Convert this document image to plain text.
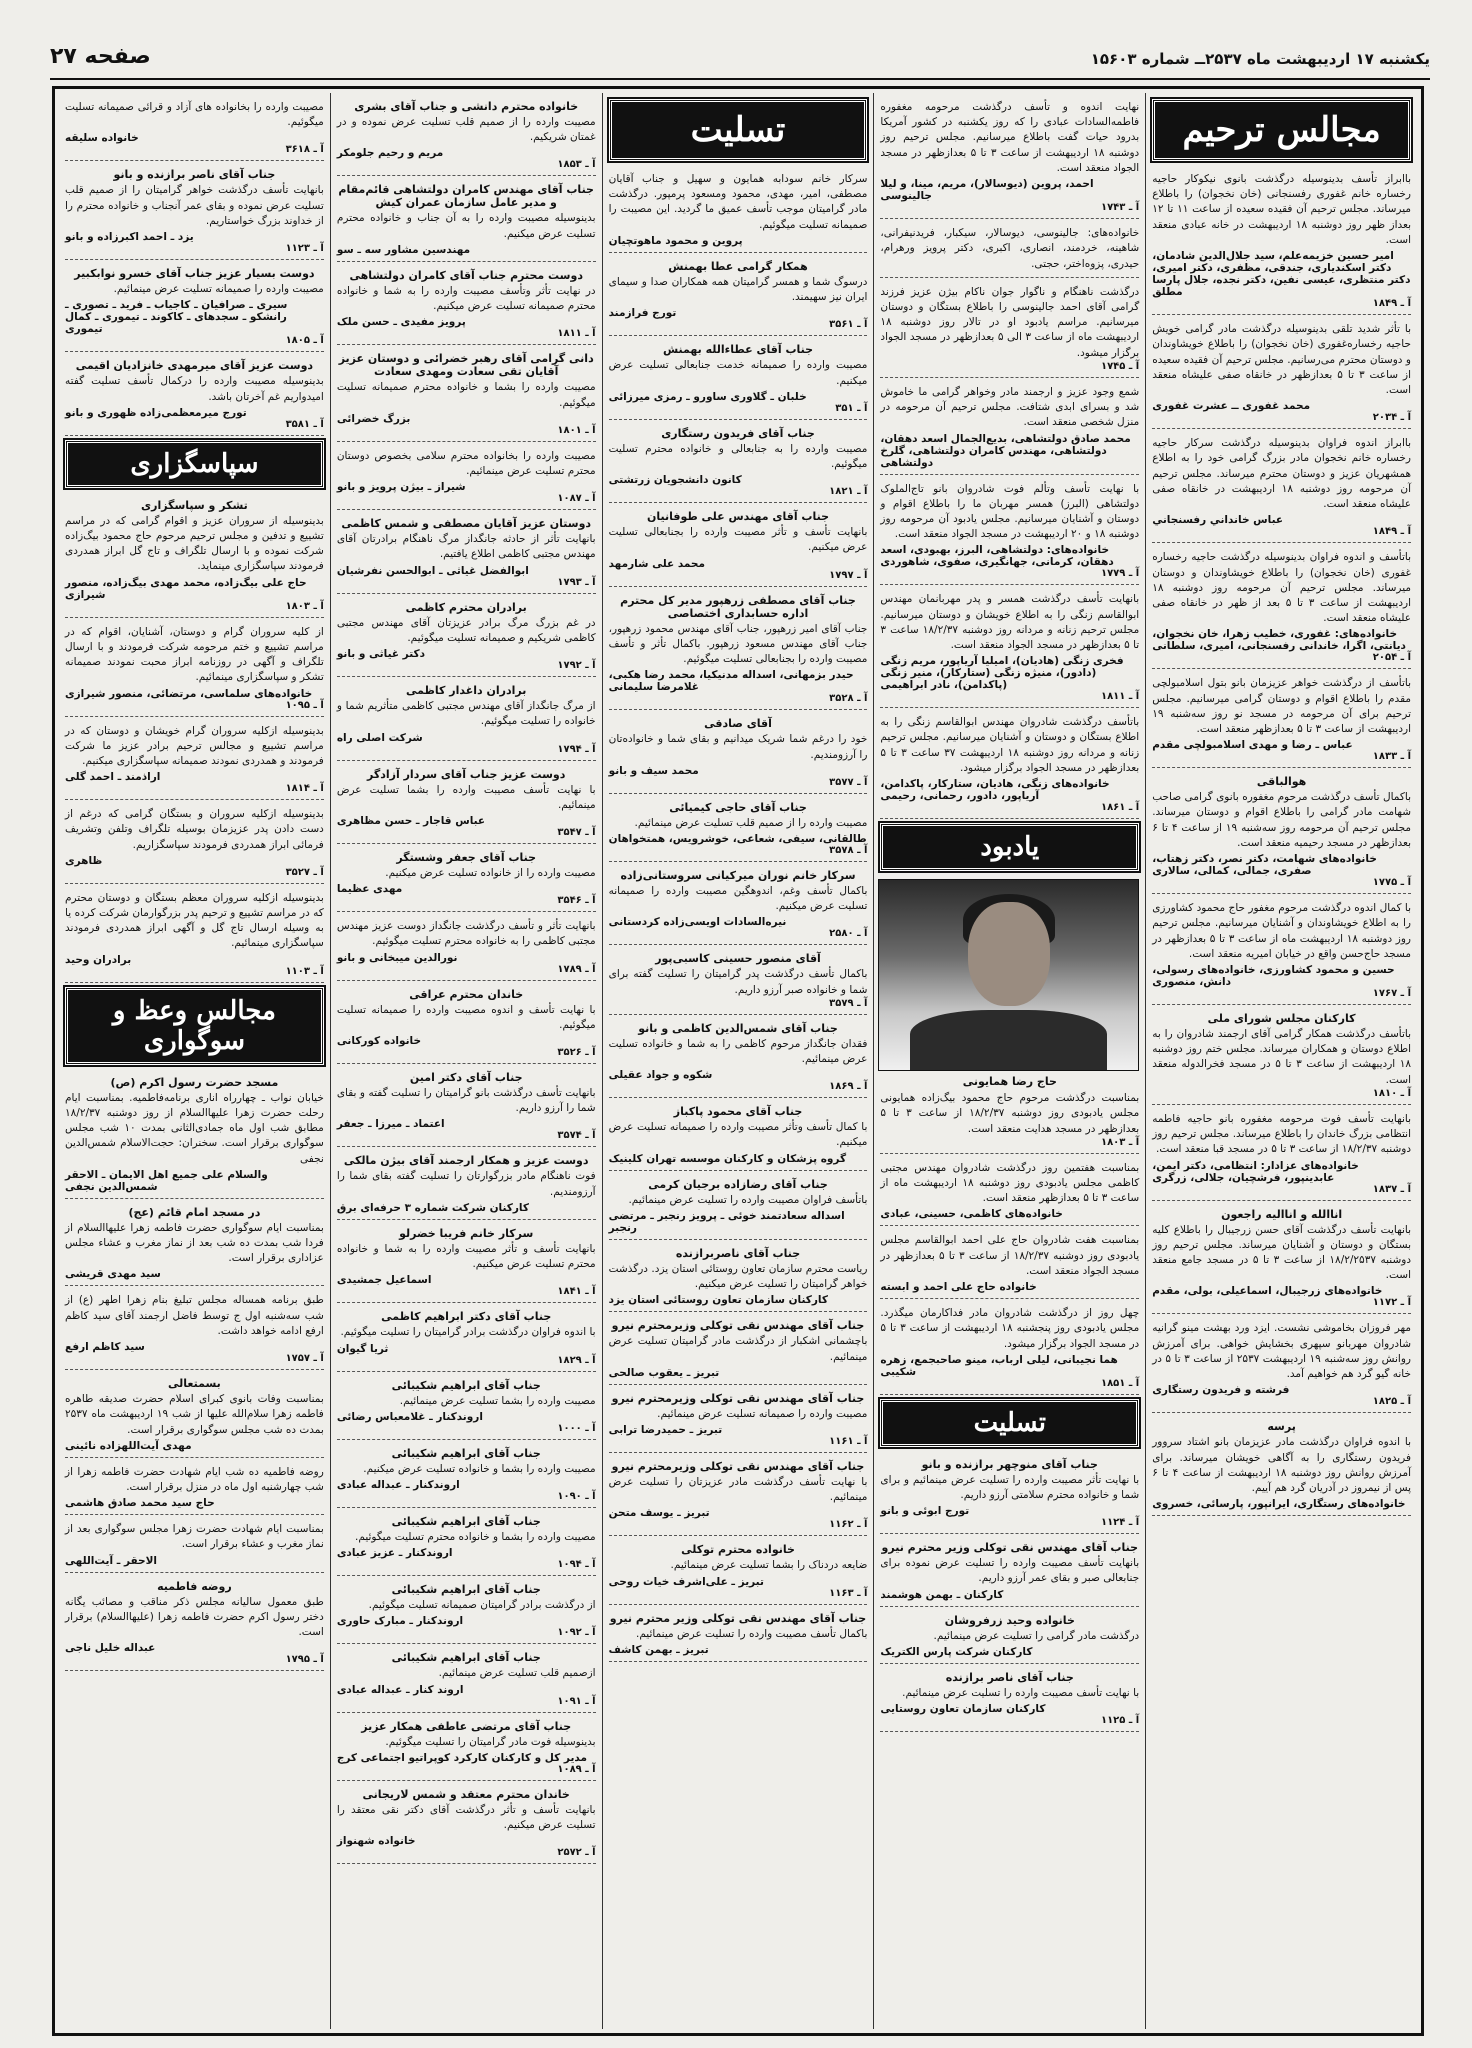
یکشنبه ۱۷ اردیبهشت ماه ۲۵۳۷ــ شماره ۱۵۶۰۳
صفحه ۲۷
مجالس ترحیم
باابراز تأسف بدینوسیله درگذشت بانوی نیکوکار حاجیه رخساره خانم غفوری رفسنجانی (خان نخجوان) را باطلاع میرساند. مجلس ترحیم آن فقیده سعیده از ساعت ۱۱ تا ۱۲ بعداز ظهر روز دوشنبه ۱۸ اردیبهشت در خانه عبادی منعقد است.
امیر حسین خزیمه‌علم، سید جلال‌الدین شادمان، دکتر اسکندیاری، جندقی، مظفری، دکتر امیری، دکتر منتظری، عیسی نفین، دکتر نجده، جلال پارسا مطلق
آ ـ ۱۸۴۹
با تأثر شدید تلقی بدینوسیله درگذشت مادر گرامی خویش حاجیه رخساره‌غفوری (خان نخجوان) را باطلاع خویشاوندان و دوستان محترم می‌رسانیم. مجلس ترحیم آن فقیده سعیده از ساعت ۳ تا ۵ بعدازظهر در خانقاه صفی علیشاه منعقد است.
محمد غفوری ــ عشرت غفوری
آ ـ ۲۰۳۴
باابراز اندوه فراوان بدینوسیله درگذشت سرکار حاجیه رخساره خانم نخجوان مادر بزرگ گرامی خود را به اطلاع همشهریان عزیز و دوستان محترم میرساند. مجلس ترحیم آن مرحومه روز دوشنبه ۱۸ اردیبهشت در خانقاه صفی علیشاه منعقد است.
عباس خانداني رفسنجاني
آ ـ ۱۸۴۹
باتأسف و اندوه فراوان بدینوسیله درگذشت حاجیه رخساره غفوری (خان نخجوان) را باطلاع خویشاوندان و دوستان میرساند. مجلس ترحیم آن مرحومه روز دوشنبه ۱۸ اردیبهشت از ساعت ۳ تا ۵ بعد از ظهر در خانقاه صفی علیشاه منعقد است.
خانواده‌های: غفوری، خطیب زهرا، خان نخجوان، دیانتی، اگرا، خاندانی رفسنجانی، امیری، سلطانی
آ ـ ۲۰۵۴
باتأسف از درگذشت خواهر عزیزمان بانو بتول اسلامبولچی مقدم را باطلاع اقوام و دوستان گرامی میرسانیم. مجلس ترحیم برای آن مرحومه در مسجد نو روز سه‌شنبه ۱۹ اردیبهشت از ساعت ۳ تا ۵ بعدازظهر منعقد است.
عباس ـ رضا و مهدی اسلامبولچی مقدم
آ ـ ۱۸۳۳
هوالباقی
باکمال تأسف درگذشت مرحوم مغفوره بانوی گرامی صاحب شهامت مادر گرامی را باطلاع اقوام و دوستان میرساند. مجلس ترحیم آن مرحومه روز سه‌شنبه ۱۹ از ساعت ۴ تا ۶ بعدازظهر در مسجد رحیمیه منعقد است.
خانواده‌های شهامت، دکتر نصر، دکتر زهتاب، صفری، جمالی، کمالی، سالاری
آ ـ ۱۷۷۵
با کمال اندوه درگذشت مرحوم مغفور حاج محمود کشاورزی را به اطلاع خویشاوندان و آشنایان میرسانیم. مجلس ترحیم روز دوشنبه ۱۸ اردیبهشت ماه از ساعت ۳ تا ۵ بعدازظهر در مسجد حاج‌حسن واقع در خیابان امیریه منعقد است.
حسین و محمود کشاورزی، خانواده‌های رسولی، دانش، منصوری
آ ـ ۱۷۶۷
کارکنان مجلس شورای ملی
باتأسف درگذشت همکار گرامی آقای ارجمند شادروان را به اطلاع دوستان و همکاران میرساند. مجلس ختم روز دوشنبه ۱۸ اردیبهشت از ساعت ۳ تا ۵ در مسجد فخرالدوله منعقد است.
آ ـ ۱۸۱۰
بانهایت تأسف فوت مرحومه مغفوره بانو حاجیه فاطمه انتظامی بزرگ خاندان را باطلاع میرساند. مجلس ترحیم روز دوشنبه ۱۸/۲/۳۷ از ساعت ۳ تا ۵ در مسجد قبا منعقد است.
خانواده‌های عزادار: انتظامی، دکتر ایمن، عابدینپور، فرشچیان، جلالی، زرگری
آ ـ ۱۸۳۷
اناالله و اناالیه راجعون
بانهایت تأسف درگذشت آقای حسن زرجیبال را باطلاع کلیه بستگان و دوستان و آشنایان میرساند. مجلس ترحیم روز دوشنبه ۱۸/۲/۲۵۳۷ از ساعت ۳ تا ۵ در مسجد جامع منعقد است.
خانواده‌های زرجیبال، اسماعیلی، بولی، مقدم
آ ـ ۱۱۷۲
مهر فروزان بخاموشی نشست. ایزد ورد بهشت مینو گرانیه شادروان مهربانو سپهری بخشایش خواهی. برای آمرزش روانش روز سه‌شنبه ۱۹ اردیبهشت ۲۵۳۷ از ساعت ۳ تا ۵ در خانه گیو گرد هم خواهیم آمد.
فرشته و فریدون رستگاری
آ ـ ۱۸۲۵
پرسه
با اندوه فراوان درگذشت مادر عزیزمان بانو اشتاد سروور فریدون رستگاری را به آگاهی خویشان میرساند. برای آمرزش روانش روز دوشنبه ۱۸ اردیبهشت از ساعت ۴ تا ۶ پس از نیمروز در آدریان گرد هم آییم.
خانواده‌های رستگاری، ایرانپور، پارسائی، خسروی
نهایت اندوه و تأسف درگذشت مرحومه مغفوره فاطمه‌السادات عبادی را که روز یکشنبه در کشور آمریکا بدرود حیات گفت باطلاع میرسانیم. مجلس ترحیم روز دوشنبه ۱۸ اردیبهشت از ساعت ۳ تا ۵ بعدازظهر در مسجد الجواد منعقد است.
احمد، پروین (دیوسالار)، مریم، مینا، و لیلا جالینوسی
آ ـ ۱۷۴۳
خانواده‌های: جالینوسی، دیوسالار، سیکبار، فریدنیفرانی، شاهینه، خردمند، انصاری، اکبری، دکتر پرویز ورهرام، حیدری، پزوه‌اختر، حجتی.
درگذشت ناهنگام و ناگوار جوان ناکام بیژن عزیز فرزند گرامی آقای احمد جالینوسی را باطلاع بستگان و دوستان میرسانیم. مراسم یادبود او در تالار روز دوشنبه ۱۸ اردیبهشت ماه از ساعت ۳ الی ۵ بعدازظهر در مسجد الجواد برگزار میشود.
آ ـ ۱۷۴۵
شمع وجود عزیز و ارجمند مادر وخواهر گرامی ما خاموش شد و بسرای ابدی شتافت. مجلس ترحیم آن مرحومه در منزل شخصی منعقد است.
محمد صادق دولتشاهی، بدیع‌الجمال اسعد دهقان، دولتشاهی، مهندس کامران دولتشاهی، گلرخ دولتشاهی
با نهایت تأسف وتألم فوت شادروان بانو تاج‌الملوک دولتشاهی (البرز) همسر مهربان ما را باطلاع اقوام و دوستان و آشنایان میرسانیم. مجلس یادبود آن مرحومه روز دوشنبه ۱۸ و ۲۰ اردیبهشت در مسجد الجواد منعقد است.
خانواده‌های: دولتشاهی، البرز، بهبودی، اسعد دهقان، کرمانی، جهانگیری، صفوی، شاهوردی
آ ـ ۱۷۷۹
بانهایت تأسف درگذشت همسر و پدر مهربانمان مهندس ابوالقاسم زنگی را به اطلاع خویشان و دوستان میرسانیم. مجلس ترحیم زنانه و مردانه روز دوشنبه ۱۸/۲/۳۷ ساعت ۳ تا ۵ بعدازظهر در مسجد الجواد منعقد است.
فخری زنگی (هادیان)، امیلیا آریاپور، مریم زنگی (دادور)، منیژه زنگی (ستارکار)، منیر زنگی (پاکدامن)، نادر ابراهیمی
آ ـ ۱۸۱۱
باتأسف درگذشت شادروان مهندس ابوالقاسم زنگی را به اطلاع بستگان و دوستان و آشنایان میرسانیم. مجلس ترحیم زنانه و مردانه روز دوشنبه ۱۸ اردیبهشت ۳۷ ساعت ۳ تا ۵ بعدازظهر در مسجد الجواد برگزار میشود.
خانواده‌های زنگی، هادیان، ستارکار، پاکدامن، آریاپور، دادور، رحمانی، رحیمی
آ ـ ۱۸۶۱
یادبود
حاج رضا همایونی
بمناسبت درگذشت مرحوم حاج محمود بیگ‌زاده همایونی مجلس یادبودی روز دوشنبه ۱۸/۲/۳۷ از ساعت ۳ تا ۵ بعدازظهر در مسجد هدایت منعقد است.
آ ـ ۱۸۰۳
بمناسبت هفتمین روز درگذشت شادروان مهندس مجتبی کاظمی مجلس یادبودی روز دوشنبه ۱۸ اردیبهشت ماه از ساعت ۳ تا ۵ بعدازظهر منعقد است.
خانواده‌های کاظمی، حسینی، عبادی
بمناسبت هفت شادروان حاج علی احمد ابوالقاسم مجلس یادبودی روز دوشنبه ۱۸/۲/۳۷ از ساعت ۳ تا ۵ بعدازظهر در مسجد الجواد منعقد است.
خانواده حاج علی احمد و ابسته
چهل روز از درگذشت شادروان مادر فداکارمان میگذرد. مجلس یادبودی روز پنجشنبه ۱۸ اردیبهشت از ساعت ۳ تا ۵ در مسجد الجواد برگزار میشود.
هما نجیبانی، لیلی ارباب، مینو صاحبجمع، زهره شکیبی
آ ـ ۱۸۵۱
تسلیت
جناب آقای منوچهر برازنده و بانو
با نهایت تأثر مصیبت وارده را تسلیت عرض مینمائیم و برای شما و خانواده محترم سلامتی آرزو داریم.
تورج ابوئی و بانو
آ ـ ۱۱۲۴
جناب آقای مهندس نقی توکلی وزیر محترم نیرو
بانهایت تأسف مصیبت وارده را تسلیت عرض نموده برای جنابعالی صبر و بقای عمر آرزو داریم.
کارکنان ـ بهمن هوشمند
خانواده وحید زرفروشان
درگذشت مادر گرامی را تسلیت عرض مینمائیم.
کارکنان شرکت پارس الکتریک
جناب آقای ناصر برازنده
با نهایت تأسف مصیبت وارده را تسلیت عرض مینمائیم.
کارکنان سازمان تعاون روستایی
آ ـ ۱۱۲۵
تسلیت
سرکار خانم سودابه همایون و سهیل و جناب آقایان مصطفی، امیر، مهدی، محمود ومسعود پرمپور. درگذشت مادر گرامیتان موجب تأسف عمیق ما گردید. این مصیبت را صمیمانه تسلیت میگوئیم.
پروین و محمود ماهوتچیان
همکار گرامی عطا بهمنش
درسوگ شما و همسر گرامیتان همه همکاران صدا و سیمای ایران نیز سهیمند.
تورج فرازمند
آ ـ ۳۵۶۱
جناب آقای عطاءالله بهمنش
مصیبت وارده را صمیمانه خدمت جنابعالی تسلیت عرض میکنیم.
خلبان ـ گلاوری ساورو ـ رمزی میرزائی
آ ـ ۳۵۱
جناب آقای فریدون رستگاری
مصیبت وارده را به جنابعالی و خانواده محترم تسلیت میگوئیم.
کانون دانشجویان زرتشتی
آ ـ ۱۸۲۱
جناب آقای مهندس علی طوفانیان
بانهایت تأسف و تأثر مصیبت وارده را بجنابعالی تسلیت عرض میکنیم.
محمد علی شارمهد
آ ـ ۱۷۹۷
جناب آقای مصطفی زرهپور مدیر کل محترم اداره حسابداری اختصاصی
جناب آقای امیر زرهپور، جناب آقای مهندس محمود زرهپور، جناب آقای مهندس مسعود زرهپور. باکمال تأثر و تأسف مصیبت وارده را بجنابعالی تسلیت میگوئیم.
حیدر بزمهانی، اسداله مدنیکیا، محمد رضا هکبی، غلامرضا سلیمانی
آ ـ ۳۵۲۸
آقای صادقی
خود را درغم شما شریک میدانیم و بقای شما و خانواده‌تان را آرزومندیم.
محمد سیف و بانو
آ ـ ۳۵۷۷
جناب آقای حاجی کیمیائی
مصیبت وارده را از صمیم قلب تسلیت عرض مینمائیم.
طالقانی، سیفی، شعاعی، خوشرویس، همتخواهان
آ ـ ۳۵۷۸
سرکار خانم نوران میرکیانی سروستانی‌زاده
باکمال تأسف وغم، اندوهگین مصیبت وارده را صمیمانه تسلیت عرض میکنیم.
نیره‌السادات اویسی‌زاده کردستانی
آ ـ ۲۵۸۰
آقای منصور حسینی کاسبی‌پور
باکمال تأسف درگذشت پدر گرامیتان را تسلیت گفته برای شما و خانواده صبر آرزو داریم.
آ ـ ۳۵۷۹
جناب آقای شمس‌الدین کاظمی و بانو
فقدان جانگداز مرحوم کاظمی را به شما و خانواده تسلیت عرض مینمائیم.
شکوه و جواد عقیلی
آ ـ ۱۸۶۹
جناب آقای محمود پاکباز
با کمال تأسف وتأثر مصیبت وارده را صمیمانه تسلیت عرض میکنیم.
گروه پزشکان و کارکنان موسسه تهران کلینیک
جناب آقای رضازاده برجیان کرمی
باتأسف فراوان مصیبت وارده را تسلیت عرض مینمائیم.
اسداله سعادتمند خوئی ـ پرویز رنجبر ـ مرتضی رنجبر
جناب آقای ناصربرازنده
ریاست محترم سازمان تعاون روستائی استان یزد. درگذشت خواهر گرامیتان را تسلیت عرض میکنیم.
کارکنان سازمان تعاون روستائی استان یزد
جناب آقای مهندس نقی توکلی وزیرمحترم نیرو
باچشمانی اشکبار از درگذشت مادر گرامیتان تسلیت عرض مینمائیم.
تبریز ـ یعقوب صالحی
جناب آقای مهندس نقی توکلی وزیرمحترم نیرو
مصیبت وارده را صمیمانه تسلیت عرض مینمائیم.
تبریز ـ حمیدرضا ترابی
آ ـ ۱۱۶۱
جناب آقای مهندس نقی توکلی وزیرمحترم نیرو
با نهایت تأسف درگذشت مادر عزیزتان را تسلیت عرض مینمائیم.
تبریز ـ یوسف متحن
آ ـ ۱۱۶۲
خانواده محترم توکلی
ضایعه دردناک را بشما تسلیت عرض مینمائیم.
تبریز ـ علی‌اشرف خیات روحی
آ ـ ۱۱۶۳
جناب آقای مهندس نقی توکلی وزیر محترم نیرو
باکمال تأسف مصیبت وارده را تسلیت عرض مینمائیم.
تبریز ـ بهمن کاشف
خانواده محترم دانشی و جناب آقای بشری
مصیبت وارده را از صمیم قلب تسلیت عرض نموده و در غمتان شریکیم.
مریم و رحیم جلومکر
آ ـ ۱۸۵۳
جناب آقای مهندس کامران دولتشاهی قائم‌مقام و مدیر عامل سازمان عمران کیش
بدینوسیله مصیبت وارده را به آن جناب و خانواده محترم تسلیت عرض میکنیم.
مهندسین مشاور سه ـ سو
دوست محترم جناب آقای کامران دولتشاهی
در نهایت تأثر وتأسف مصیبت وارده را به شما و خانواده محترم صمیمانه تسلیت عرض میکنیم.
پرویز مفیدی ـ حسن ملک
آ ـ ۱۸۱۱
دانی گرامی آقای رهبر خضرائی و دوستان عزیز آقایان تقی سعادت ومهدی سعادت
مصیبت وارده را بشما و خانواده محترم صمیمانه تسلیت میگوئیم.
بزرگ خضرائی
آ ـ ۱۸۰۱
مصیبت وارده را بخانواده محترم سلامی بخصوص دوستان محترم تسلیت عرض مینمائیم.
شیراز ـ بیژن پرویز و بانو
آ ـ ۱۰۸۷
دوستان عزیز آقایان مصطفی و شمس کاظمی
بانهایت تأثر از حادثه جانگداز مرگ ناهنگام برادرتان آقای مهندس مجتبی کاظمی اطلاع یافتیم.
ابوالفضل غیاثی ـ ابوالحسن نفرشیان
آ ـ ۱۷۹۳
برادران محترم کاظمی
در غم بزرگ مرگ برادر عزیزتان آقای مهندس مجتبی کاظمی شریکیم و صمیمانه تسلیت میگوئیم.
دکتر غیاثی و بانو
آ ـ ۱۷۹۲
برادران داغدار کاظمی
از مرگ جانگداز آقای مهندس مجتبی کاظمی متأثریم شما و خانواده را تسلیت میگوئیم.
شرکت اصلی راه
آ ـ ۱۷۹۴
دوست عزیز جناب آقای سردار آزادگر
با نهایت تأسف مصیبت وارده را بشما تسلیت عرض مینمائیم.
عباس قاجار ـ حسن مظاهری
آ ـ ۳۵۴۷
جناب آقای جعفر وشستگر
مصیبت وارده را از خانواده تسلیت عرض میکنیم.
مهدی عظیما
آ ـ ۳۵۴۶
بانهایت تأثر و تأسف درگذشت جانگداز دوست عزیز مهندس مجتبی کاظمی را به خانواده محترم تسلیت میگوئیم.
نورالدین میبخانی و بانو
آ ـ ۱۷۸۹
خاندان محترم عراقی
با نهایت تأسف و اندوه مصیبت وارده را صمیمانه تسلیت میگوئیم.
خانواده کورکانی
آ ـ ۳۵۲۶
جناب آقای دکتر امین
بانهایت تأسف درگذشت بانو گرامیتان را تسلیت گفته و بقای شما را آرزو داریم.
اعتماد ـ میرزا ـ جعفر
آ ـ ۳۵۷۴
دوست عزیز و همکار ارجمند آقای بیژن مالکی
فوت ناهنگام مادر بزرگوارتان را تسلیت گفته بقای شما را آرزومندیم.
کارکنان شرکت شماره ۳ حرفه‌ای برق
سرکار خانم فریبا خضرلو
بانهایت تأسف و تأثر مصیبت وارده را به شما و خانواده محترم تسلیت عرض میکنیم.
اسماعیل جمشیدی
آ ـ ۱۸۴۱
جناب آقای دکتر ابراهیم کاظمی
با اندوه فراوان درگذشت برادر گرامیتان را تسلیت میگوئیم.
ثریا گیوان
آ ـ ۱۸۲۹
جناب آقای ابراهیم شکیبائی
مصیبت وارده را بشما تسلیت عرض مینمائیم.
اروندکنار ـ غلامعباس رضائی
آ ـ ۱۰۰۰
جناب آقای ابراهیم شکیبائی
مصیبت وارده را بشما و خانواده تسلیت عرض میکنیم.
اروندکنار ـ عبداله عبادی
آ ـ ۱۰۹۰
جناب آقای ابراهیم شکیبائی
مصیبت وارده را بشما و خانواده محترم تسلیت میگوئیم.
اروندکنار ـ عزیز عبادی
آ ـ ۱۰۹۴
جناب آقای ابراهیم شکیبائی
از درگذشت برادر گرامیتان صمیمانه تسلیت میگوئیم.
اروندکنار ـ مبارک حاوری
آ ـ ۱۰۹۲
جناب آقای ابراهیم شکیبائی
ازصمیم قلب تسلیت عرض مینمائیم.
اروند کنار ـ عبداله عبادی
آ ـ ۱۰۹۱
جناب آقای مرتضی عاطفی همکار عزیز
بدینوسیله فوت مادر گرامیتان را تسلیت میگوئیم.
مدیر کل و کارکنان کارکرد کوپراتیو اجتماعی کرج
آ ـ ۱۰۸۹
خاندان محترم معتقد و شمس لاریجانی
بانهایت تأسف و تأثر درگذشت آقای دکتر نقی معتقد را تسلیت عرض میکنیم.
خانواده شهنواز
آ ـ ۲۵۷۲
مصیبت وارده را بخانواده های آزاد و قرائی صمیمانه تسلیت میگوئیم.
خانواده سلیقه
آ ـ ۳۶۱۸
جناب آقای ناصر برازنده و بانو
بانهایت تأسف درگذشت خواهر گرامیتان را از صمیم قلب تسلیت عرض نموده و بقای عمر آنجناب و خانواده محترم را از خداوند بزرگ خواستاریم.
یزد ـ احمد اکبرزاده و بانو
آ ـ ۱۱۲۳
دوست بسیار عزیز جناب آقای خسرو نوابکبیر
مصیبت وارده را صمیمانه تسلیت عرض مینمائیم.
سیری ـ صرافیان ـ کاجیاب ـ فرید ـ تصوری ـ رانشکو ـ سجدهای ـ کاکوند ـ تیموری ـ کمال تیموری
آ ـ ۱۸۰۵
دوست عزیز آقای میرمهدی خانزادیان اقیمی
بدینوسیله مصیبت وارده را درکمال تأسف تسلیت گفته امیدواریم غم آخرتان باشد.
تورج میرمعظمی‌زاده ظهوری و بانو
آ ـ ۳۵۸۱
سپاسگزاری
تشکر و سپاسگزاری
بدینوسیله از سروران عزیز و اقوام گرامی که در مراسم تشییع و تدفین و مجلس ترحیم مرحوم حاج محمود بیگ‌زاده شرکت نموده و با ارسال تلگراف و تاج گل ابراز همدردی فرمودند سپاسگزاری مینماید.
حاج علی بیگ‌زاده، محمد مهدی بیگ‌زاده، منصور شیرازی
آ ـ ۱۸۰۳
از کلیه سروران گرام و دوستان، آشنایان، اقوام که در مراسم تشییع و ختم مرحومه شرکت فرمودند و با ارسال تلگراف و آگهی در روزنامه ابراز محبت نمودند صمیمانه تشکر و سپاسگزاری مینمائیم.
خانواده‌های سلماسی، مرتضائی، منصور شیرازی
آ ـ ۱۰۹۵
بدینوسیله ازکلیه سروران گرام خویشان و دوستان که در مراسم تشییع و مجالس ترحیم برادر عزیز ما شرکت فرمودند و همدردی نمودند صمیمانه سپاسگزاری میکنیم.
اراذمند ـ احمد گلی
آ ـ ۱۸۱۴
بدینوسیله ازکلیه سروران و بستگان گرامی که درغم از دست دادن پدر عزیزمان بوسیله تلگراف وتلفن وتشریف فرمائی ابراز همدردی فرمودند سپاسگزاریم.
ظاهری
آ ـ ۳۵۲۷
بدینوسیله ازکلیه سروران معظم بستگان و دوستان محترم که در مراسم تشییع و ترحیم پدر بزرگوارمان شرکت کرده یا به وسیله ارسال تاج گل و آگهی ابراز همدردی فرمودند سپاسگزاری مینمائیم.
برادران وحید
آ ـ ۱۱۰۳
مجالس وعظ و سوگواری
مسجد حضرت رسول اکرم (ص)
خیابان نواب ـ چهارراه اناری برنامه‌فاطمیه. بمناسبت ایام رحلت حضرت زهرا علیهاالسلام از روز دوشنبه ۱۸/۲/۳۷ مطابق شب اول ماه جمادی‌الثانی بمدت ۱۰ شب مجلس سوگواری برقرار است. سخنران: حجت‌الاسلام شمس‌الدین نجفی
والسلام علی جمیع اهل الایمان ـ الاحقر شمس‌الدین نجفی
در مسجد امام قائم (عج)
بمناسبت ایام سوگواری حضرت فاطمه زهرا علیهاالسلام از فردا شب بمدت ده شب بعد از نماز مغرب و عشاء مجلس عزاداری برقرار است.
سید مهدی قریشی
طبق برنامه همساله مجلس تبلیغ بنام زهرا اطهر (ع) از شب سه‌شنبه اول ج توسط فاضل ارجمند آقای سید کاظم ارفع ادامه خواهد داشت.
سید کاظم ارفع
آ ـ ۱۷۵۷
بسمتعالی
بمناسبت وفات بانوی کبرای اسلام حضرت صدیقه طاهره فاطمه زهرا سلام‌الله علیها از شب ۱۹ اردیبهشت ماه ۲۵۳۷ بمدت ده شب مجلس سوگواری برقرار است.
مهدی آیت‌اللهزاده نائینی
روضه فاطمیه ده شب ایام شهادت حضرت فاطمه زهرا از شب چهارشنبه اول ماه در منزل برقرار است.
حاج سید محمد صادق هاشمی
بمناسبت ایام شهادت حضرت زهرا مجلس سوگواری بعد از نماز مغرب و عشاء برقرار است.
الاحقر ـ آیت‌اللهی
روضه فاطمیه
طبق معمول سالیانه مجلس ذکر مناقب و مصائب یگانه دختر رسول اکرم حضرت فاطمه زهرا (علیهاالسلام) برقرار است.
عبداله خلیل ناجی
آ ـ ۱۷۹۵
